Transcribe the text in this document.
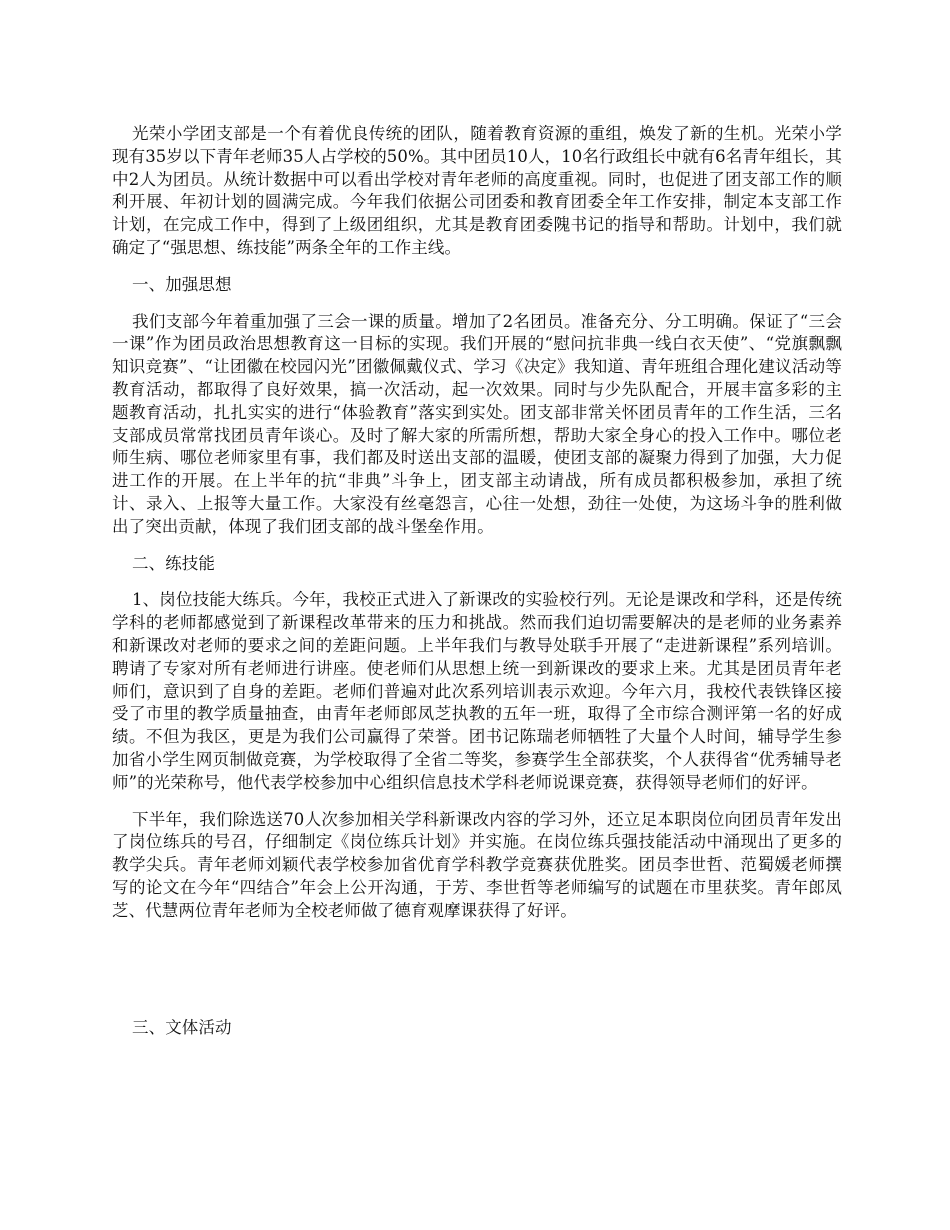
光荣小学团支部是一个有着优良传统的团队，随着教育资源的重组，焕发了新的生机。光荣小学现有35岁以下青年老师35人占学校的50%。其中团员10人，10名行政组长中就有6名青年组长，其中2人为团员。从统计数据中可以看出学校对青年老师的高度重视。同时，也促进了团支部工作的顺利开展、年初计划的圆满完成。今年我们依据公司团委和教育团委全年工作安排，制定本支部工作计划，在完成工作中，得到了上级团组织，尤其是教育团委隗书记的指导和帮助。计划中，我们就确定了“强思想、练技能”两条全年的工作主线。

一、加强思想

我们支部今年着重加强了三会一课的质量。增加了2名团员。准备充分、分工明确。保证了“三会一课”作为团员政治思想教育这一目标的实现。我们开展的“慰问抗非典一线白衣天使”、“党旗飘飘知识竞赛”、“让团徽在校园闪光”团徽佩戴仪式、学习《决定》我知道、青年班组合理化建议活动等教育活动，都取得了良好效果，搞一次活动，起一次效果。同时与少先队配合，开展丰富多彩的主题教育活动，扎扎实实的进行“体验教育”落实到实处。团支部非常关怀团员青年的工作生活，三名支部成员常常找团员青年谈心。及时了解大家的所需所想，帮助大家全身心的投入工作中。哪位老师生病、哪位老师家里有事，我们都及时送出支部的温暖，使团支部的凝聚力得到了加强，大力促进工作的开展。在上半年的抗“非典”斗争上，团支部主动请战，所有成员都积极参加，承担了统计、录入、上报等大量工作。大家没有丝毫怨言，心往一处想，劲往一处使，为这场斗争的胜利做出了突出贡献，体现了我们团支部的战斗堡垒作用。

二、练技能

1、岗位技能大练兵。今年，我校正式进入了新课改的实验校行列。无论是课改和学科，还是传统学科的老师都感觉到了新课程改革带来的压力和挑战。然而我们迫切需要解决的是老师的业务素养和新课改对老师的要求之间的差距问题。上半年我们与教导处联手开展了“走进新课程”系列培训。聘请了专家对所有老师进行讲座。使老师们从思想上统一到新课改的要求上来。尤其是团员青年老师们，意识到了自身的差距。老师们普遍对此次系列培训表示欢迎。今年六月，我校代表铁锋区接受了市里的教学质量抽查，由青年老师郎凤芝执教的五年一班，取得了全市综合测评第一名的好成绩。不但为我区，更是为我们公司赢得了荣誉。团书记陈瑞老师牺牲了大量个人时间，辅导学生参加省小学生网页制做竞赛，为学校取得了全省二等奖，参赛学生全部获奖，个人获得省“优秀辅导老师”的光荣称号，他代表学校参加中心组织信息技术学科老师说课竞赛，获得领导老师们的好评。

下半年，我们除选送70人次参加相关学科新课改内容的学习外，还立足本职岗位向团员青年发出了岗位练兵的号召，仔细制定《岗位练兵计划》并实施。在岗位练兵强技能活动中涌现出了更多的教学尖兵。青年老师刘颖代表学校参加省优育学科教学竞赛获优胜奖。团员李世哲、范蜀媛老师撰写的论文在今年“四结合”年会上公开沟通，于芳、李世哲等老师编写的试题在市里获奖。青年郎凤芝、代慧两位青年老师为全校老师做了德育观摩课获得了好评。

三、文体活动
